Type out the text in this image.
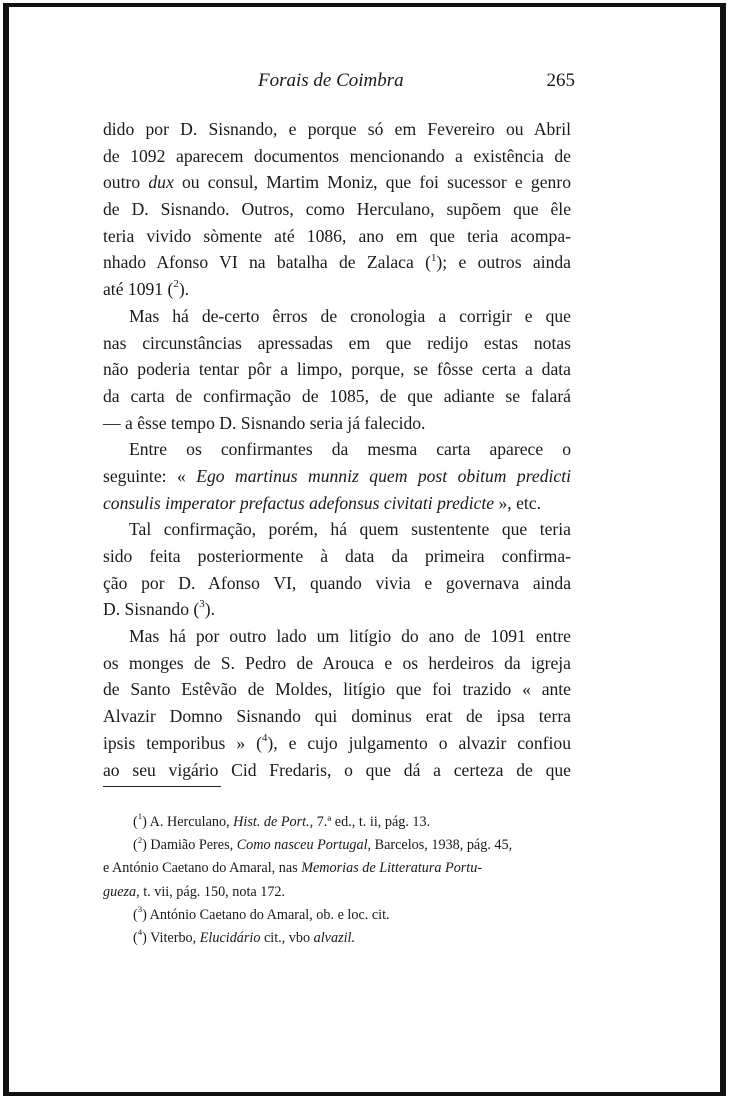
Forais de Coimbra	265
dido por D. Sisnando, e porque só em Fevereiro ou Abril
de 1092 aparecem documentos mencionando a existência de
outro dux ou consul, Martim Moniz, que foi sucessor e genro
de D. Sisnando. Outros, como Herculano, supõem que êle
teria vivido sòmente até 1086, ano em que teria acompa-
nhado Afonso VI na batalha de Zalaca ($^1$); e outros ainda
até 1091 ($^2$).
Mas há de-certo êrros de cronologia a corrigir e que
nas circunstâncias apressadas em que redijo estas notas
não poderia tentar pôr a limpo, porque, se fôsse certa a data
da carta de confirmação de 1085, de que adiante se falará
— a êsse tempo D. Sisnando seria já falecido.
Entre os confirmantes da mesma carta aparece o
seguinte: « Ego martinus munniz quem post obitum predicti
consulis imperator prefactus adefonsus civitati predicte », etc.
Tal confirmação, porém, há quem sustentente que teria
sido feita posteriormente à data da primeira confirma-
ção por D. Afonso VI, quando vivia e governava ainda
D. Sisnando ($^3$).
Mas há por outro lado um litígio do ano de 1091 entre
os monges de S. Pedro de Arouca e os herdeiros da igreja
de Santo Estêvão de Moldes, litígio que foi trazido « ante
Alvazir Domno Sisnando qui dominus erat de ipsa terra
ipsis temporibus » ($^4$), e cujo julgamento o alvazir confiou
ao seu vigário Cid Fredaris, o que dá a certeza de que
($^1$) A. Herculano, Hist. de Port., 7.ª ed., t. ii, pág. 13.
($^2$) Damião Peres, Como nasceu Portugal, Barcelos, 1938, pág. 45,
e António Caetano do Amaral, nas Memorias de Litteratura Portu-
gueza, t. vii, pág. 150, nota 172.
($^3$) António Caetano do Amaral, ob. e loc. cit.
($^4$) Viterbo, Elucidário cit., vbo alvazil.
